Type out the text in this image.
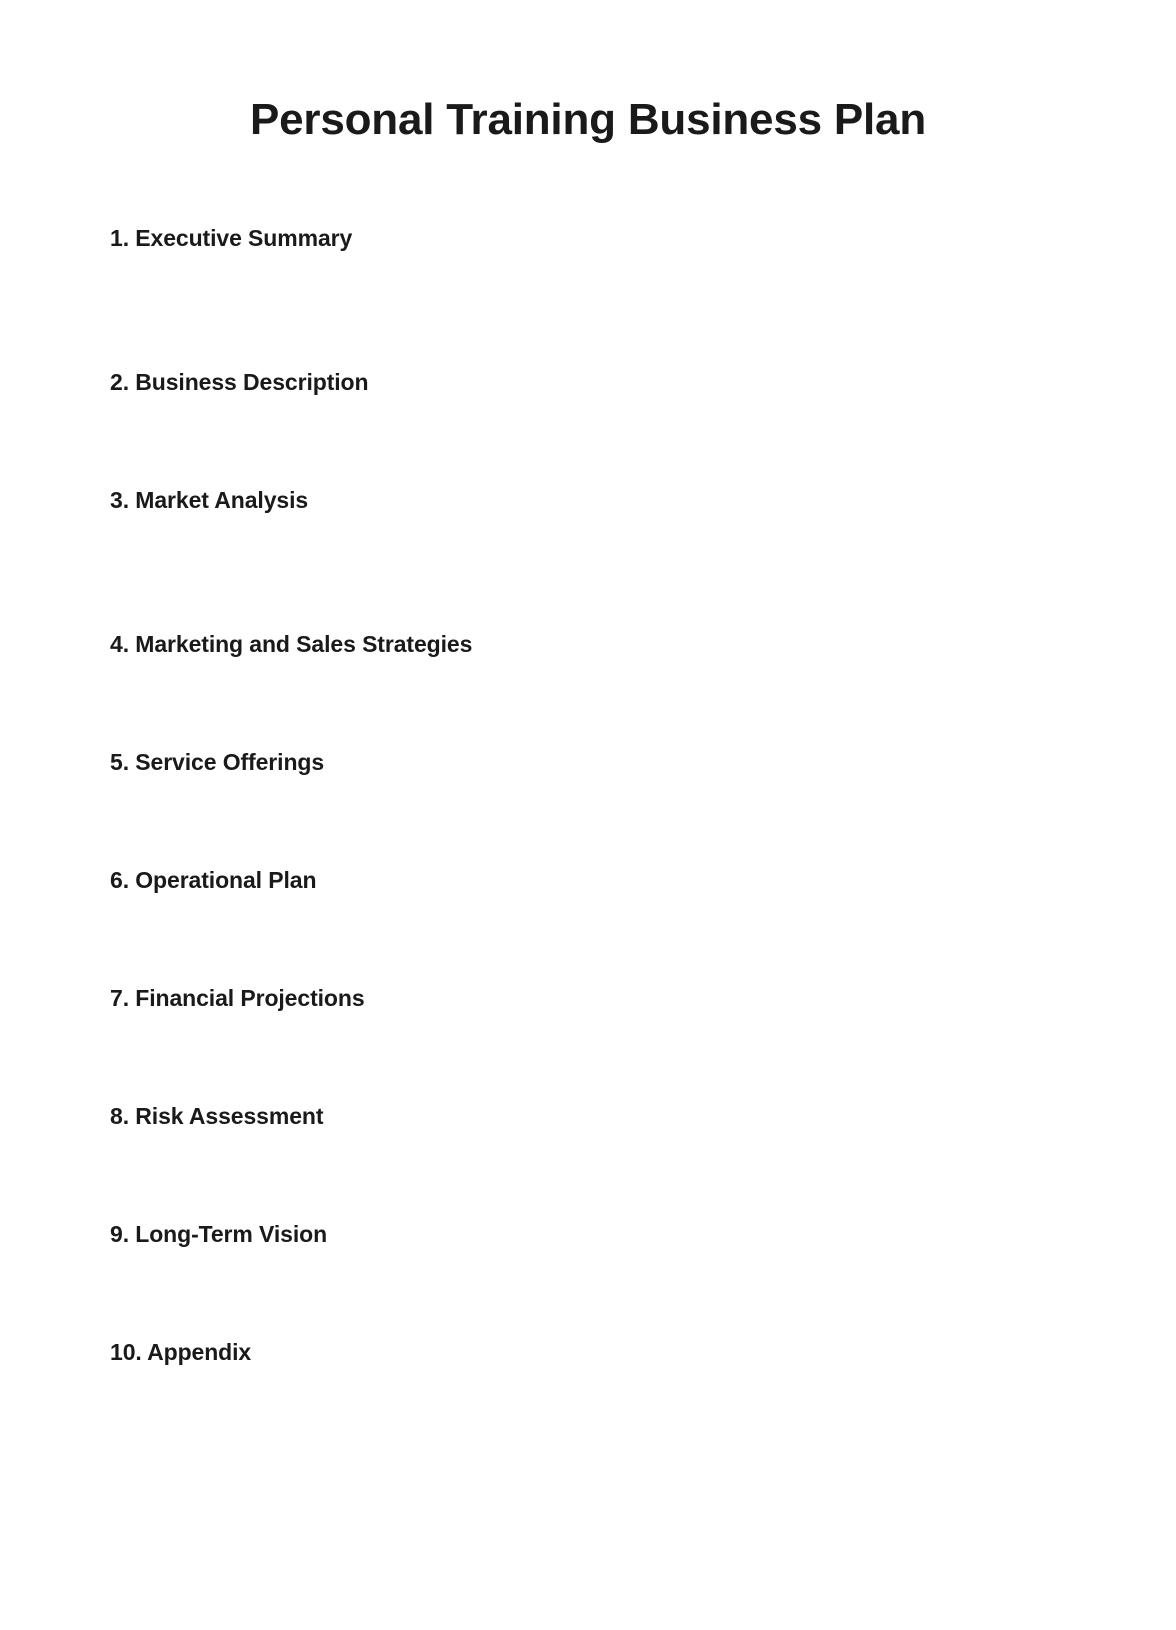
Personal Training Business Plan
1. Executive Summary
2. Business Description
3. Market Analysis
4. Marketing and Sales Strategies
5. Service Offerings
6. Operational Plan
7. Financial Projections
8. Risk Assessment
9. Long-Term Vision
10. Appendix
